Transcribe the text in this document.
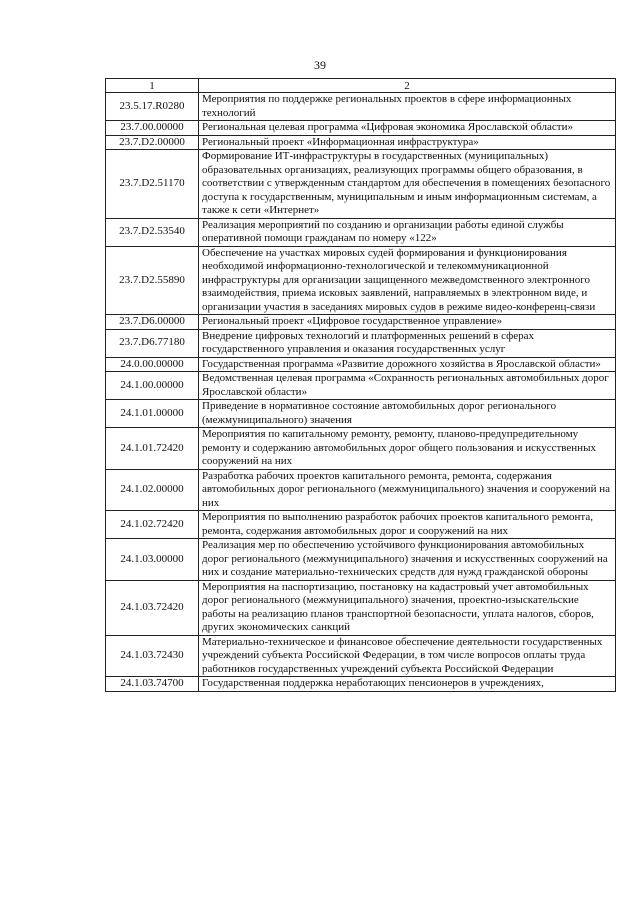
39
1	2
23.5.17.R0280	Мероприятия по поддержке региональных проектов в сфере информационных технологий
23.7.00.00000	Региональная целевая программа «Цифровая экономика Ярославской области»
23.7.D2.00000	Региональный проект «Информационная инфраструктура»
23.7.D2.51170	Формирование ИТ-инфраструктуры в государственных (муниципальных) образовательных организациях, реализующих программы общего образования, в соответствии с утвержденным стандартом для обеспечения в помещениях безопасного доступа к государственным, муниципальным и иным информационным системам, а также к сети «Интернет»
23.7.D2.53540	Реализация мероприятий по созданию и организации работы единой службы оперативной помощи гражданам по номеру «122»
23.7.D2.55890	Обеспечение на участках мировых судей формирования и функционирования необходимой информационно-технологической и телекоммуникационной инфраструктуры для организации защищенного межведомственного электронного взаимодействия, приема исковых заявлений, направляемых в электронном виде, и организации участия в заседаниях мировых судов в режиме видео-конференц-связи
23.7.D6.00000	Региональный проект «Цифровое государственное управление»
23.7.D6.77180	Внедрение цифровых технологий и платформенных решений в сферах государственного управления и оказания государственных услуг
24.0.00.00000	Государственная программа «Развитие дорожного хозяйства в Ярославской области»
24.1.00.00000	Ведомственная целевая программа «Сохранность региональных автомобильных дорог Ярославской области»
24.1.01.00000	Приведение в нормативное состояние автомобильных дорог регионального (межмуниципального) значения
24.1.01.72420	Мероприятия по капитальному ремонту, ремонту, планово-предупредительному ремонту и содержанию автомобильных дорог общего пользования и искусственных сооружений на них
24.1.02.00000	Разработка рабочих проектов капитального ремонта, ремонта, содержания автомобильных дорог регионального (межмуниципального) значения и сооружений на них
24.1.02.72420	Мероприятия по выполнению разработок рабочих проектов капитального ремонта, ремонта, содержания автомобильных дорог и сооружений на них
24.1.03.00000	Реализация мер по обеспечению устойчивого функционирования автомобильных дорог регионального (межмуниципального) значения и искусственных сооружений на них и создание материально-технических средств для нужд гражданской обороны
24.1.03.72420	Мероприятия на паспортизацию, постановку на кадастровый учет автомобильных дорог регионального (межмуниципального) значения, проектно-изыскательские работы на реализацию планов транспортной безопасности, уплата налогов, сборов, других экономических санкций
24.1.03.72430	Материально-техническое и финансовое обеспечение деятельности государственных учреждений субъекта Российской Федерации, в том числе вопросов оплаты труда работников государственных учреждений субъекта Российской Федерации
24.1.03.74700	Государственная поддержка неработающих пенсионеров в учреждениях,
